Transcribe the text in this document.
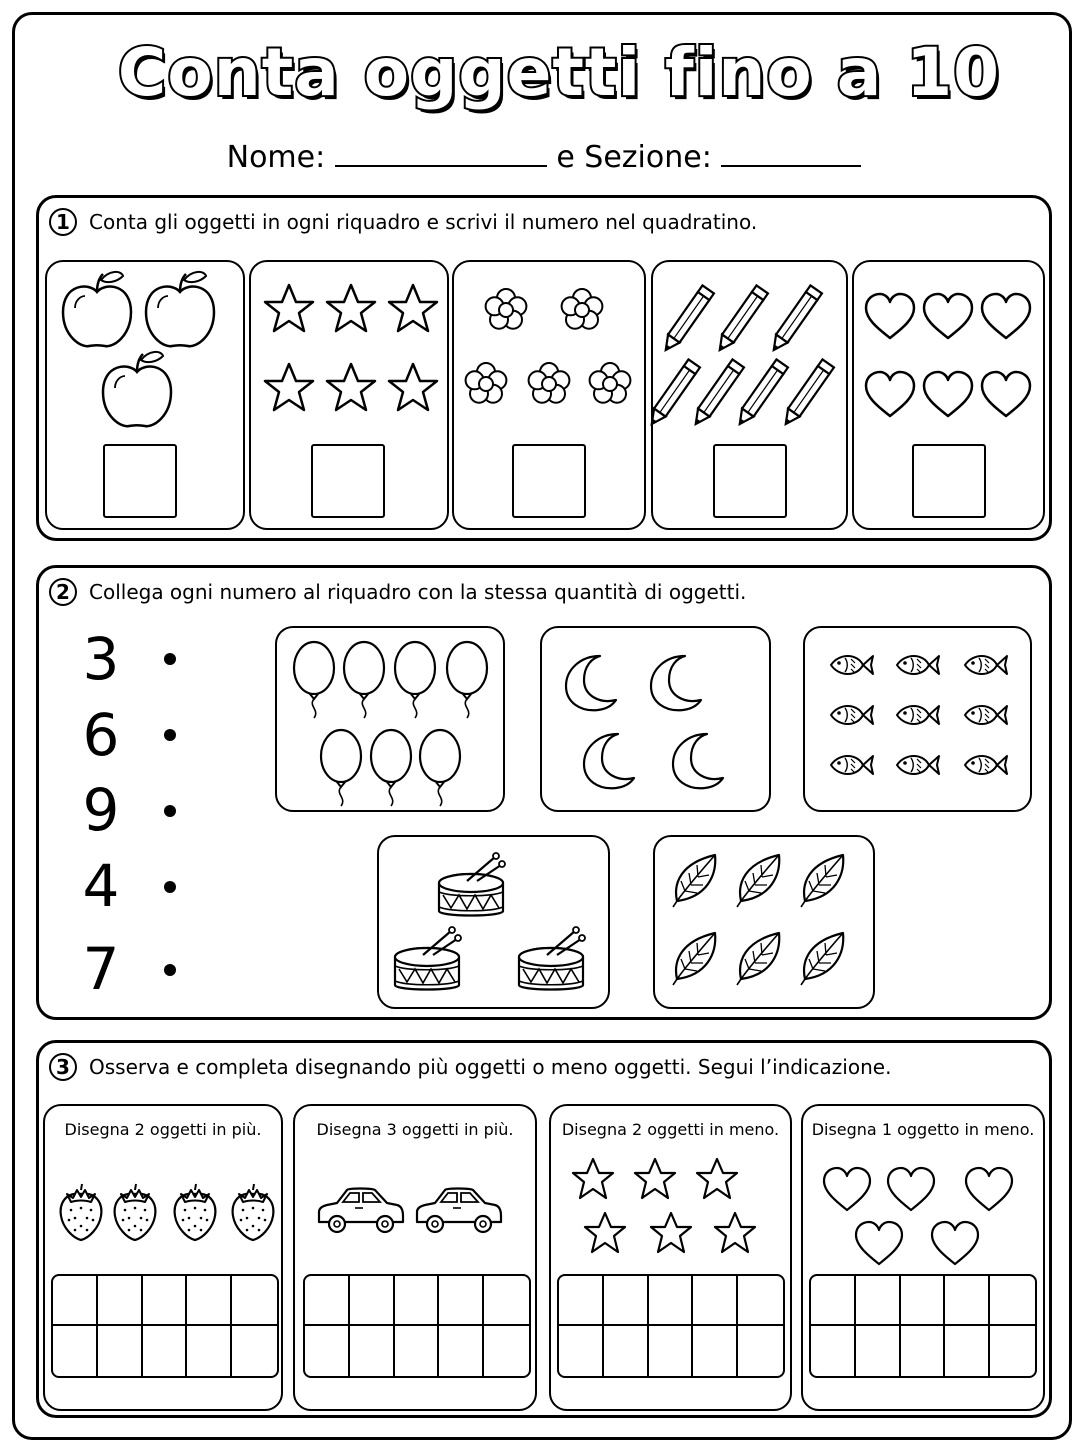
Conta oggetti fino a 10
Nome:	e Sezione:
1 Conta gli oggetti in ogni riquadro e scrivi il numero nel quadratino.
2 Collega ogni numero al riquadro con la stessa quantità di oggetti.
3
6
9
4
7
3 Osserva e completa disegnando più oggetti o meno oggetti. Segui l’indicazione.
Disegna 2 oggetti in più.	Disegna 3 oggetti in più.	Disegna 2 oggetti in meno.	Disegna 1 oggetto in meno.
